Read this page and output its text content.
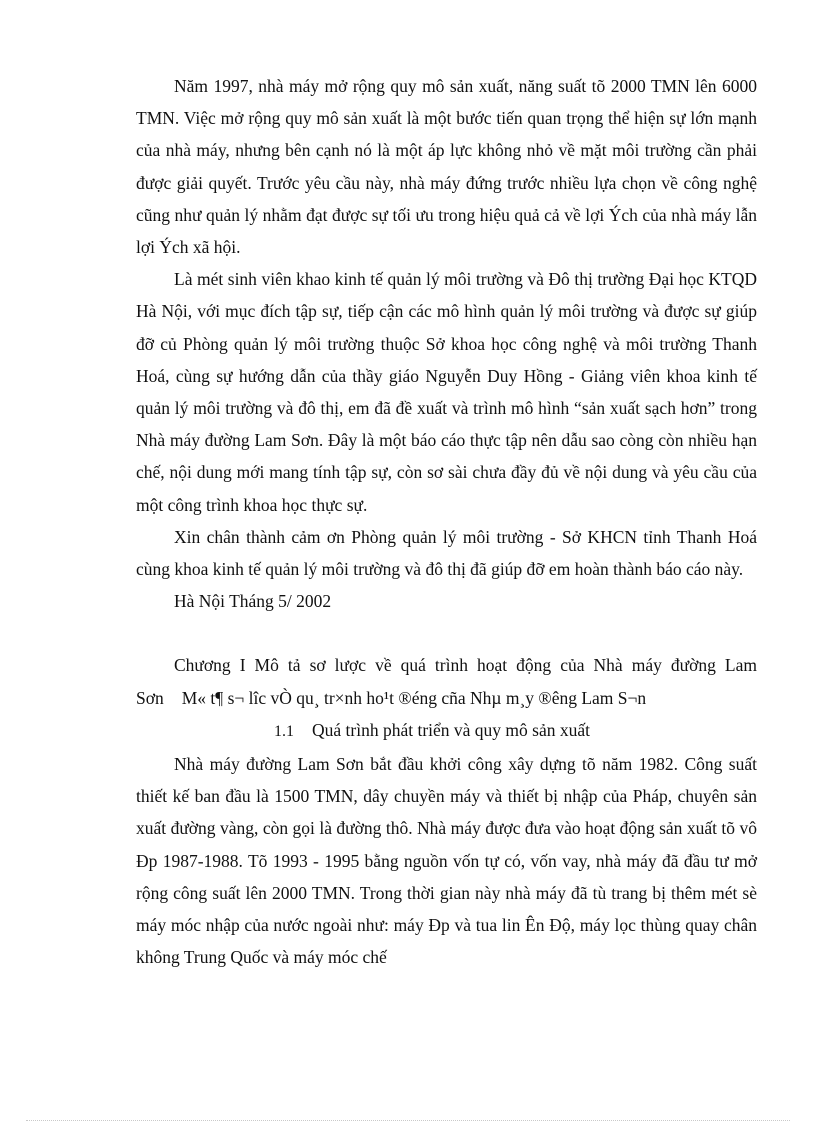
Năm 1997, nhà máy mở rộng quy mô sản xuất, năng suất tõ 2000 TMN lên 6000 TMN. Việc mở rộng quy mô sản xuất là một bước tiến quan trọng thể hiện sự lớn mạnh của nhà máy, nhưng bên cạnh nó là một áp lực không nhỏ về mặt môi trường cần phải được giải quyết. Trước yêu cầu này, nhà máy đứng trước nhiều lựa chọn về công nghệ cũng như quản lý nhằm đạt được sự tối ưu trong hiệu quả cả về lợi Ých của nhà máy lẫn lợi Ých xã hội.

Là mét sinh viên khao kinh tế quản lý môi trường và Đô thị trường Đại học KTQD Hà Nội, với mục đích tập sự, tiếp cận các mô hình quản lý môi trường và được sự giúp đỡ củ Phòng quản lý môi trường thuộc Sở khoa học công nghệ và môi trường Thanh Hoá, cùng sự hướng dẫn của thầy giáo Nguyễn Duy Hồng - Giảng viên khoa kinh tế quản lý môi trường và đô thị, em đã đề xuất và trình mô hình “sản xuất sạch hơn” trong Nhà máy đường Lam Sơn. Đây là một báo cáo thực tập nên dẫu sao còng còn nhiều hạn chế, nội dung mới mang tính tập sự, còn sơ sài chưa đầy đủ về nội dung và yêu cầu của một công trình khoa học thực sự.

Xin chân thành cảm ơn Phòng quản lý môi trường - Sở KHCN tỉnh Thanh Hoá cùng khoa kinh tế quản lý môi trường và đô thị đã giúp đỡ em hoàn thành báo cáo này.

Hà Nội Tháng 5/ 2002

Chương I Mô tả sơ lược về quá trình hoạt động của Nhà máy đường Lam Sơn M« t¶ s¬ lîc vÒ qu¸ tr×nh ho¹t ®éng cña Nhµ m¸y ®êng Lam S¬n

1.1 Quá trình phát triển và quy mô sản xuất

Nhà máy đường Lam Sơn bắt đầu khởi công xây dựng tõ năm 1982. Công suất thiết kế ban đầu là 1500 TMN, dây chuyền máy và thiết bị nhập của Pháp, chuyên sản xuất đường vàng, còn gọi là đường thô. Nhà máy được đưa vào hoạt động sản xuất tõ vô Ðp 1987-1988. Tõ 1993 - 1995 bằng nguồn vốn tự có, vốn vay, nhà máy đã đầu tư mở rộng công suất lên 2000 TMN. Trong thời gian này nhà máy đã tù trang bị thêm mét sè máy móc nhập của nước ngoài như: máy Ðp và tua lin Ên Độ, máy lọc thùng quay chân không Trung Quốc và máy móc chế
